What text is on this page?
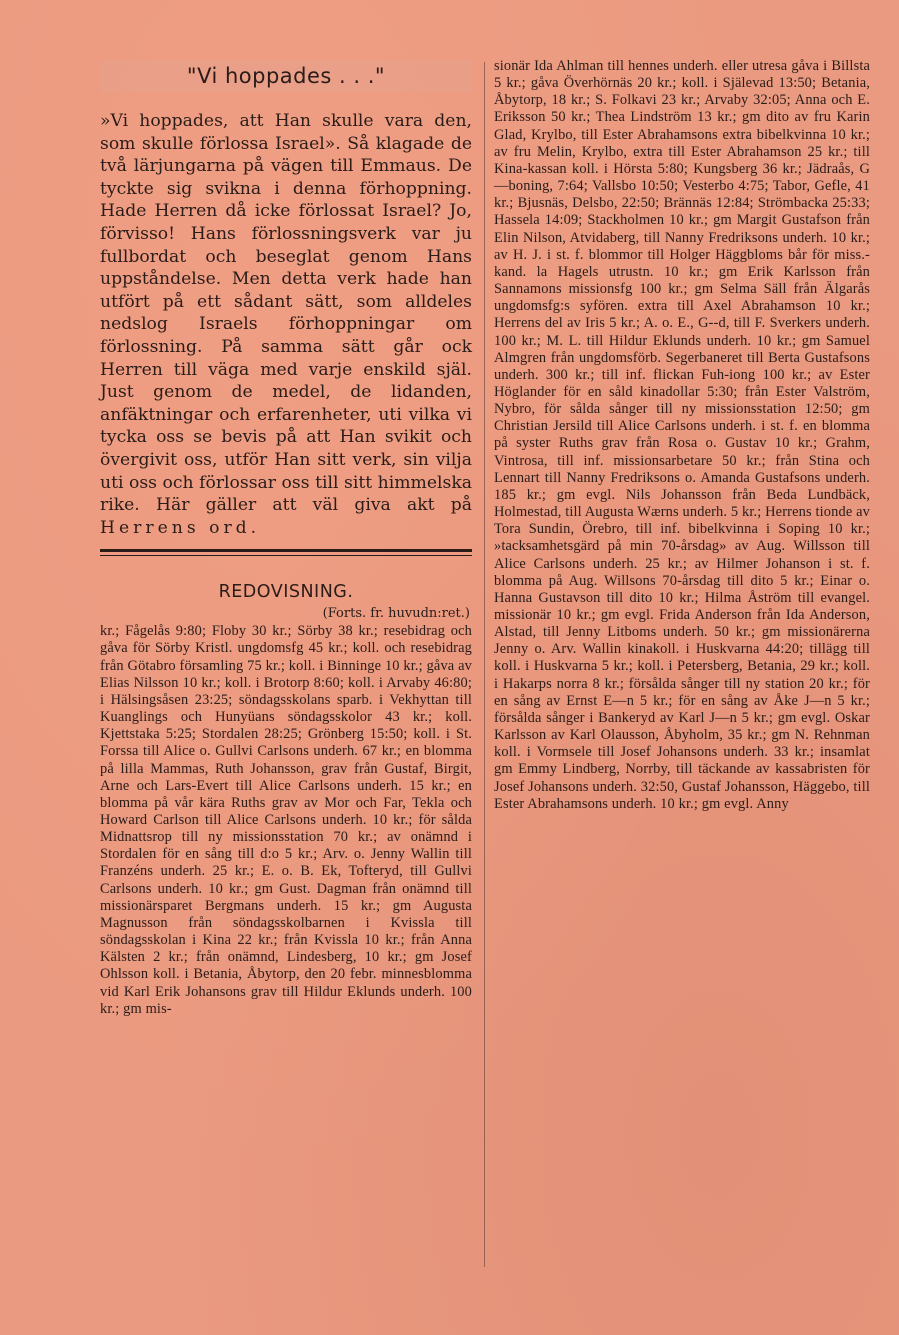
"Vi hoppades . . ."

»Vi hoppades, att Han skulle vara den, som skulle förlossa Israel». Så klagade de två lärjungarna på vägen till Emmaus. De tyckte sig svikna i denna förhoppning. Hade Herren då icke förlossat Israel? Jo, förvisso! Hans förlossningsverk var ju fullbordat och beseglat genom Hans uppståndelse. Men detta verk hade han utfört på ett sådant sätt, som alldeles nedslog Israels förhoppningar om förlossning. På samma sätt går ock Herren till väga med varje enskild själ. Just genom de medel, de lidanden, anfäktningar och erfarenheter, uti vilka vi tycka oss se bevis på att Han svikit och övergivit oss, utför Han sitt verk, sin vilja uti oss och förlossar oss till sitt himmelska rike. Här gäller att väl giva akt på Herrens ord.

REDOVISNING.
(Forts. fr. huvudn:ret.)

kr.; Fågelås 9:80; Floby 30 kr.; Sörby 38 kr.; resebidrag och gåva för Sörby Kristl. ungdomsfg 45 kr.; koll. och resebidrag från Götabro församling 75 kr.; koll. i Binninge 10 kr.; gåva av Elias Nilsson 10 kr.; koll. i Brotorp 8:60; koll. i Arvaby 46:80; i Hälsingsåsen 23:25; söndagsskolans sparb. i Vekhyttan till Kuanglings och Hunyüans söndagsskolor 43 kr.; koll. Kjettstaka 5:25; Stordalen 28:25; Grönberg 15:50; koll. i St. Forssa till Alice o. Gullvi Carlsons underh. 67 kr.; en blomma på lilla Mammas, Ruth Johansson, grav från Gustaf, Birgit, Arne och Lars-Evert till Alice Carlsons underh. 15 kr.; en blomma på vår kära Ruths grav av Mor och Far, Tekla och Howard Carlson till Alice Carlsons underh. 10 kr.; för sålda Midnattsrop till ny missionsstation 70 kr.; av onämnd i Stordalen för en sång till d:o 5 kr.; Arv. o. Jenny Wallin till Franzéns underh. 25 kr.; E. o. B. Ek, Tofteryd, till Gullvi Carlsons underh. 10 kr.; gm Gust. Dagman från onämnd till missionärsparet Bergmans underh. 15 kr.; gm Augusta Magnusson från söndagsskolbarnen i Kvissla till söndagsskolan i Kina 22 kr.; från Kvissla 10 kr.; från Anna Kälsten 2 kr.; från onämnd, Lindesberg, 10 kr.; gm Josef Ohlsson koll. i Betania, Åbytorp, den 20 febr. minnesblomma vid Karl Erik Johansons grav till Hildur Eklunds underh. 100 kr.; gm mis-

sionär Ida Ahlman till hennes underh. eller utresa gåva i Billsta 5 kr.; gåva Överhörnäs 20 kr.; koll. i Själevad 13:50; Betania, Åbytorp, 18 kr.; S. Folkavi 23 kr.; Arvaby 32:05; Anna och E. Eriksson 50 kr.; Thea Lindström 13 kr.; gm dito av fru Karin Glad, Krylbo, till Ester Abrahamsons extra bibelkvinna 10 kr.; av fru Melin, Krylbo, extra till Ester Abrahamson 25 kr.; till Kina-kassan koll. i Hörsta 5:80; Kungsberg 36 kr.; Jädraås, G—boning, 7:64; Vallsbo 10:50; Vesterbo 4:75; Tabor, Gefle, 41 kr.; Bjusnäs, Delsbo, 22:50; Brännäs 12:84; Strömbacka 25:33; Hassela 14:09; Stackholmen 10 kr.; gm Margit Gustafson från Elin Nilson, Atvidaberg, till Nanny Fredriksons underh. 10 kr.; av H. J. i st. f. blommor till Holger Häggbloms bår för miss.-kand. la Hagels utrustn. 10 kr.; gm Erik Karlsson från Sannamons missionsfg 100 kr.; gm Selma Säll från Älgarås ungdomsfg:s syfören. extra till Axel Abrahamson 10 kr.; Herrens del av Iris 5 kr.; A. o. E., G--d, till F. Sverkers underh. 100 kr.; M. L. till Hildur Eklunds underh. 10 kr.; gm Samuel Almgren från ungdomsförb. Segerbaneret till Berta Gustafsons underh. 300 kr.; till inf. flickan Fuh-iong 100 kr.; av Ester Höglander för en såld kinadollar 5:30; från Ester Valström, Nybro, för sålda sånger till ny missionsstation 12:50; gm Christian Jersild till Alice Carlsons underh. i st. f. en blomma på syster Ruths grav från Rosa o. Gustav 10 kr.; Grahm, Vintrosa, till inf. missionsarbetare 50 kr.; från Stina och Lennart till Nanny Fredriksons o. Amanda Gustafsons underh. 185 kr.; gm evgl. Nils Johansson från Beda Lundbäck, Holmestad, till Augusta Wærns underh. 5 kr.; Herrens tionde av Tora Sundin, Örebro, till inf. bibelkvinna i Soping 10 kr.; »tacksamhetsgärd på min 70-årsdag» av Aug. Willsson till Alice Carlsons underh. 25 kr.; av Hilmer Johanson i st. f. blomma på Aug. Willsons 70-årsdag till dito 5 kr.; Einar o. Hanna Gustavson till dito 10 kr.; Hilma Åström till evangel. missionär 10 kr.; gm evgl. Frida Anderson från Ida Anderson, Alstad, till Jenny Litboms underh. 50 kr.; gm missionärerna Jenny o. Arv. Wallin kinakoll. i Huskvarna 44:20; tillägg till koll. i Huskvarna 5 kr.; koll. i Petersberg, Betania, 29 kr.; koll. i Hakarps norra 8 kr.; försålda sånger till ny station 20 kr.; för en sång av Ernst E—n 5 kr.; för en sång av Åke J—n 5 kr.; försålda sånger i Bankeryd av Karl J—n 5 kr.; gm evgl. Oskar Karlsson av Karl Olausson, Åbyholm, 35 kr.; gm N. Rehnman koll. i Vormsele till Josef Johansons underh. 33 kr.; insamlat gm Emmy Lindberg, Norrby, till täckande av kassabristen för Josef Johansons underh. 32:50, Gustaf Johansson, Häggebo, till Ester Abrahamsons underh. 10 kr.; gm evgl. Anny
